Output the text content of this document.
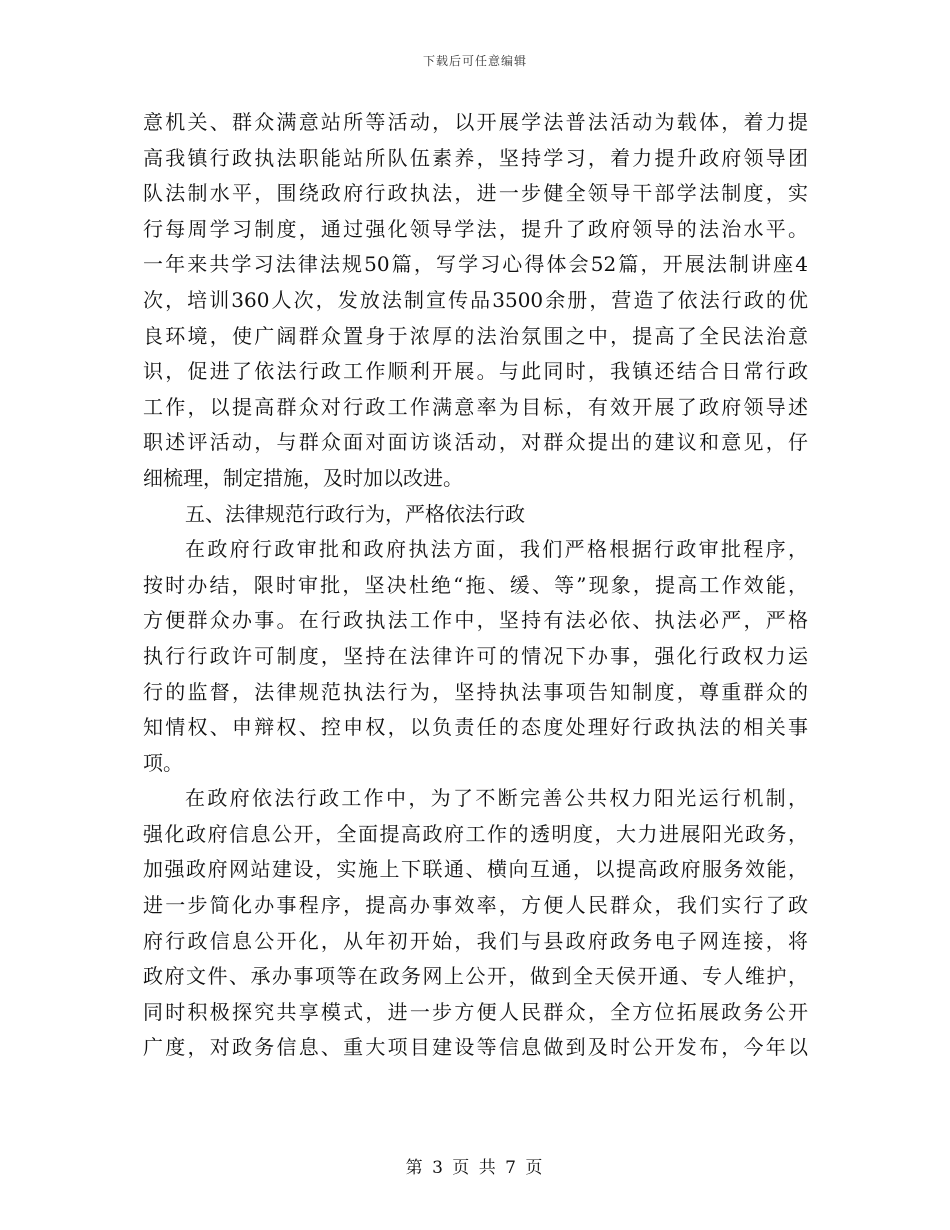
下载后可任意编辑
意机关、群众满意站所等活动，以开展学法普法活动为载体，着力提
高我镇行政执法职能站所队伍素养，坚持学习，着力提升政府领导团
队法制水平，围绕政府行政执法，进一步健全领导干部学法制度，实
行每周学习制度，通过强化领导学法，提升了政府领导的法治水平。
一年来共学习法律法规50篇，写学习心得体会52篇，开展法制讲座4
次，培训360人次，发放法制宣传品3500余册，营造了依法行政的优
良环境，使广阔群众置身于浓厚的法治氛围之中，提高了全民法治意
识，促进了依法行政工作顺利开展。与此同时，我镇还结合日常行政
工作，以提高群众对行政工作满意率为目标，有效开展了政府领导述
职述评活动，与群众面对面访谈活动，对群众提出的建议和意见，仔
细梳理，制定措施，及时加以改进。
五、法律规范行政行为，严格依法行政
在政府行政审批和政府执法方面，我们严格根据行政审批程序，
按时办结，限时审批，坚决杜绝“拖、缓、等”现象，提高工作效能，
方便群众办事。在行政执法工作中，坚持有法必依、执法必严，严格
执行行政许可制度，坚持在法律许可的情况下办事，强化行政权力运
行的监督，法律规范执法行为，坚持执法事项告知制度，尊重群众的
知情权、申辩权、控申权，以负责任的态度处理好行政执法的相关事
项。
在政府依法行政工作中，为了不断完善公共权力阳光运行机制，
强化政府信息公开，全面提高政府工作的透明度，大力进展阳光政务，
加强政府网站建设，实施上下联通、横向互通，以提高政府服务效能，
进一步简化办事程序，提高办事效率，方便人民群众，我们实行了政
府行政信息公开化，从年初开始，我们与县政府政务电子网连接，将
政府文件、承办事项等在政务网上公开，做到全天侯开通、专人维护，
同时积极探究共享模式，进一步方便人民群众，全方位拓展政务公开
广度，对政务信息、重大项目建设等信息做到及时公开发布，今年以
第 3 页 共 7 页
